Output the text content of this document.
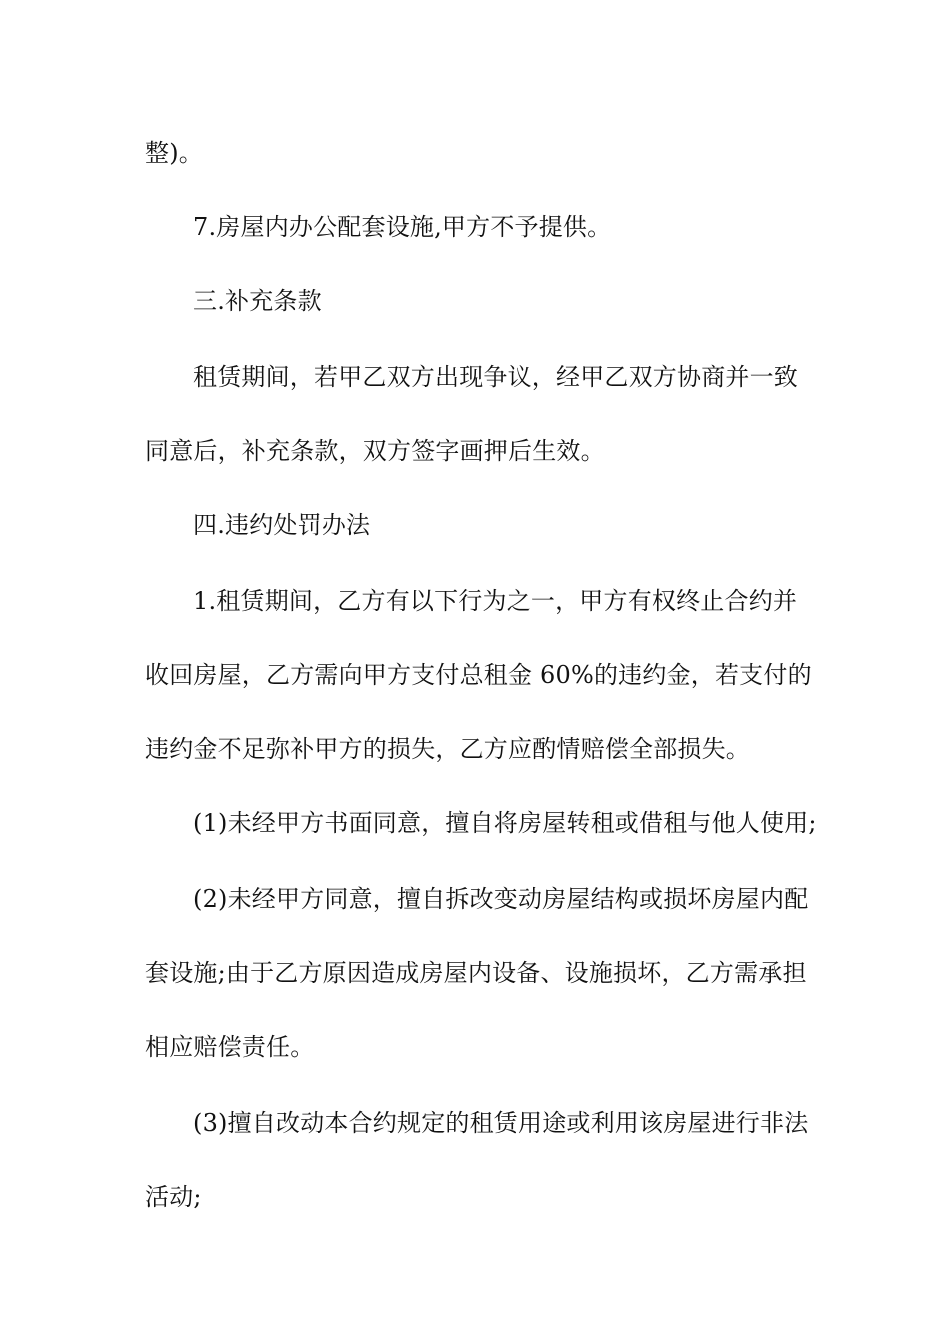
整)。
7.房屋内办公配套设施,甲方不予提供。
三.补充条款
租赁期间，若甲乙双方出现争议，经甲乙双方协商并一致
同意后，补充条款，双方签字画押后生效。
四.违约处罚办法
1.租赁期间，乙方有以下行为之一，甲方有权终止合约并
收回房屋，乙方需向甲方支付总租金 60%的违约金，若支付的
违约金不足弥补甲方的损失，乙方应酌情赔偿全部损失。
(1)未经甲方书面同意，擅自将房屋转租或借租与他人使用;
(2)未经甲方同意，擅自拆改变动房屋结构或损坏房屋内配
套设施;由于乙方原因造成房屋内设备、设施损坏，乙方需承担
相应赔偿责任。
(3)擅自改动本合约规定的租赁用途或利用该房屋进行非法
活动;
